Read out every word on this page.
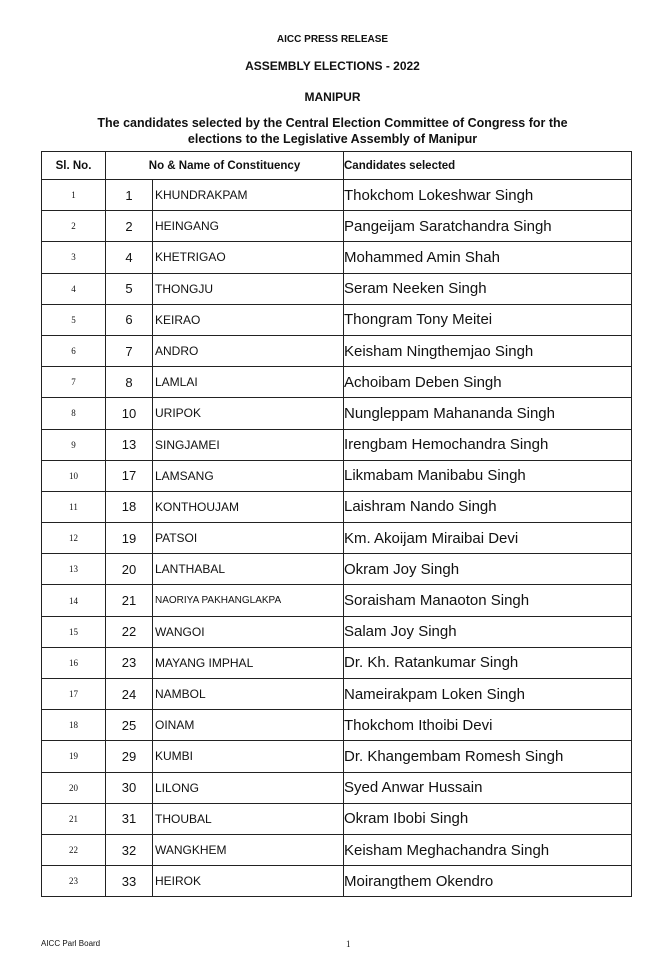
AICC PRESS RELEASE
ASSEMBLY ELECTIONS - 2022
MANIPUR
The candidates selected by the Central Election Committee of Congress for the
elections to the Legislative Assembly of Manipur
Sl. No.	No & Name of Constituency	Candidates selected
1	1 KHUNDRAKPAM	Thokchom Lokeshwar Singh
2	2 HEINGANG	Pangeijam Saratchandra Singh
3	4 KHETRIGAO	Mohammed Amin Shah
4	5 THONGJU	Seram Neeken Singh
5	6 KEIRAO	Thongram Tony Meitei
6	7 ANDRO	Keisham Ningthemjao Singh
7	8 LAMLAI	Achoibam Deben Singh
8	10 URIPOK	Nungleppam Mahananda Singh
9	13 SINGJAMEI	Irengbam Hemochandra Singh
10	17 LAMSANG	Likmabam Manibabu Singh
11	18 KONTHOUJAM	Laishram Nando Singh
12	19 PATSOI	Km. Akoijam Miraibai Devi
13	20 LANTHABAL	Okram Joy Singh
14	21 NAORIYA PAKHANGLAKPA	Soraisham Manaoton Singh
15	22 WANGOI	Salam Joy Singh
16	23 MAYANG IMPHAL	Dr. Kh. Ratankumar Singh
17	24 NAMBOL	Nameirakpam Loken Singh
18	25 OINAM	Thokchom Ithoibi Devi
19	29 KUMBI	Dr. Khangembam Romesh Singh
20	30 LILONG	Syed Anwar Hussain
21	31 THOUBAL	Okram Ibobi Singh
22	32 WANGKHEM	Keisham Meghachandra Singh
23	33 HEIROK	Moirangthem Okendro
AICC Parl Board	1
